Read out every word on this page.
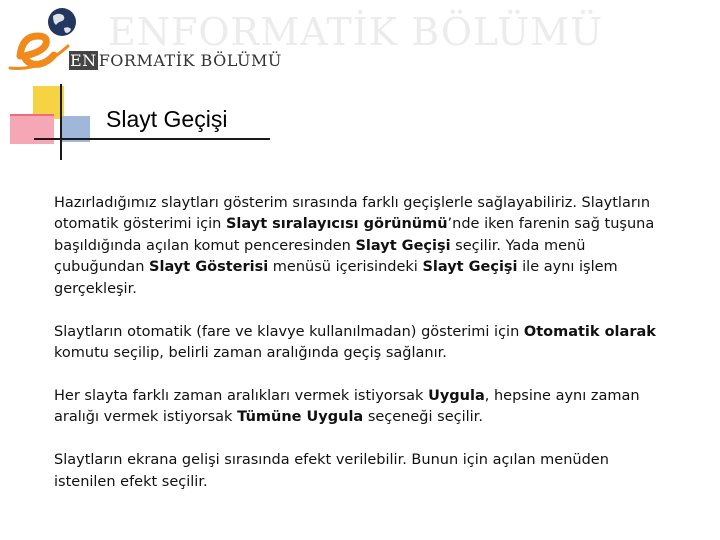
ENFORMATİK BÖLÜMÜ
EN FORMATİK BÖLÜMÜ
Slayt Geçişi

Hazırladığımız slaytları gösterim sırasında farklı geçişlerle sağlayabiliriz. Slaytların otomatik gösterimi için Slayt sıralayıcısı görünümü’nde iken farenin sağ tuşuna başıldığında açılan komut penceresinden Slayt Geçişi seçilir. Yada menü çubuğundan Slayt Gösterisi menüsü içerisindeki Slayt Geçişi ile aynı işlem gerçekleşir.

Slaytların otomatik (fare ve klavye kullanılmadan) gösterimi için Otomatik olarak komutu seçilip, belirli zaman aralığında geçiş sağlanır.

Her slayta farklı zaman aralıkları vermek istiyorsak Uygula, hepsine aynı zaman aralığı vermek istiyorsak Tümüne Uygula seçeneği seçilir.

Slaytların ekrana gelişi sırasında efekt verilebilir. Bunun için açılan menüden istenilen efekt seçilir.
